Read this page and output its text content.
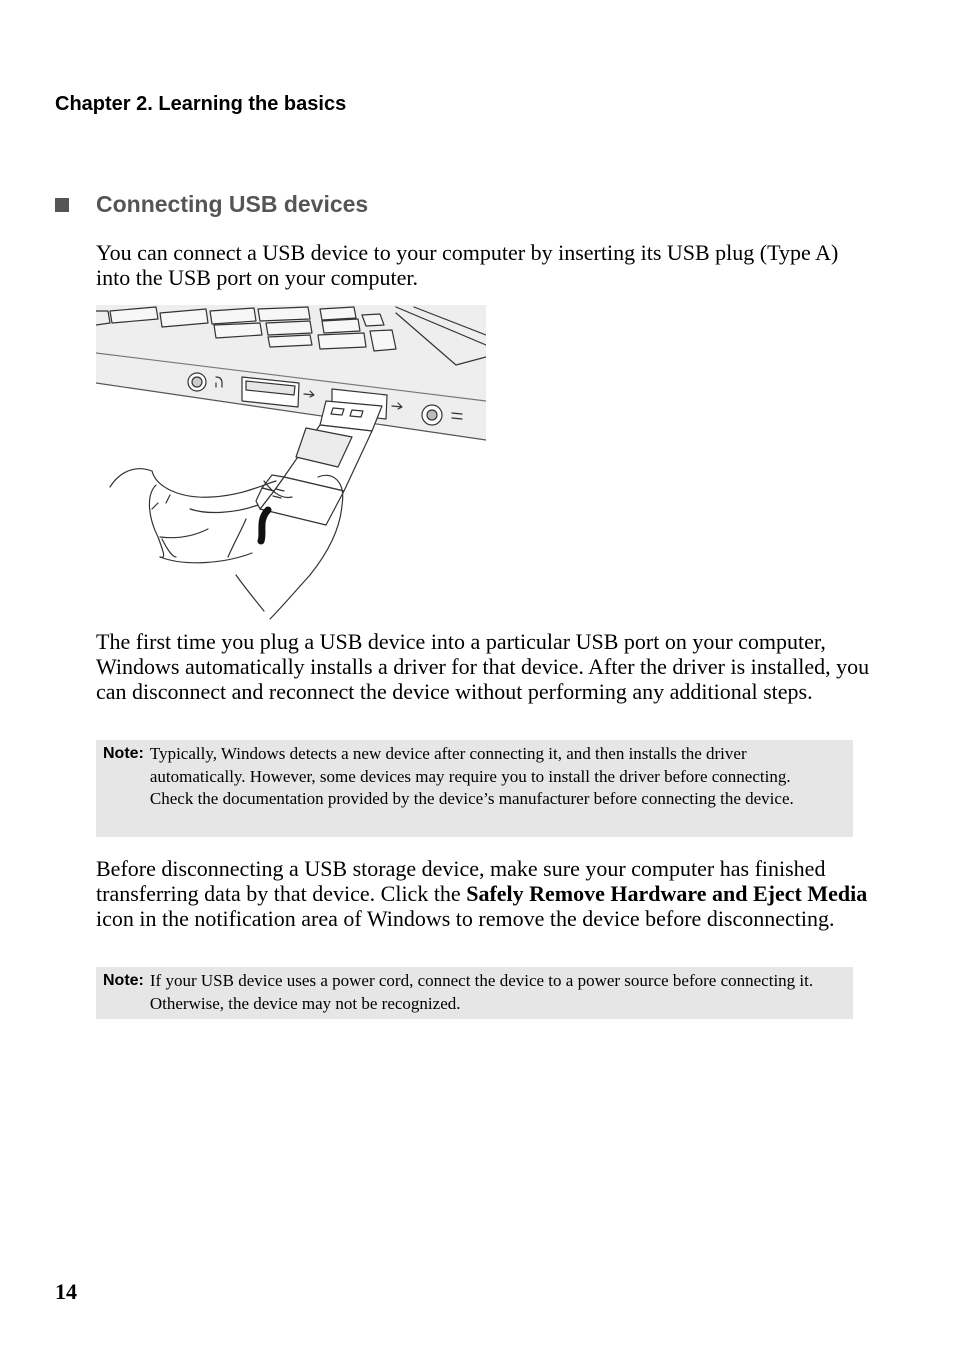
Chapter 2. Learning the basics
Connecting USB devices

You can connect a USB device to your computer by inserting its USB plug (Type A) into the USB port on your computer.

The first time you plug a USB device into a particular USB port on your computer, Windows automatically installs a driver for that device. After the driver is installed, you can disconnect and reconnect the device without performing any additional steps.

Note: Typically, Windows detects a new device after connecting it, and then installs the driver automatically. However, some devices may require you to install the driver before connecting. Check the documentation provided by the device’s manufacturer before connecting the device.

Before disconnecting a USB storage device, make sure your computer has finished transferring data by that device. Click the Safely Remove Hardware and Eject Media icon in the notification area of Windows to remove the device before disconnecting.

Note: If your USB device uses a power cord, connect the device to a power source before connecting it. Otherwise, the device may not be recognized.

14
